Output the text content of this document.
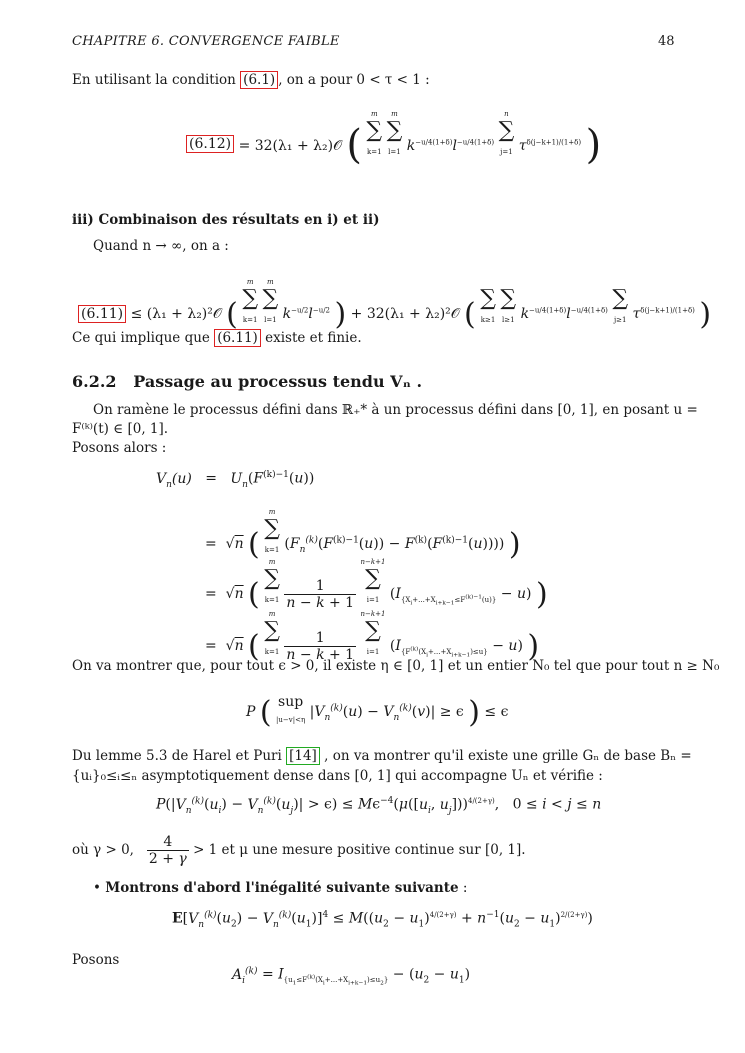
CHAPITRE 6. CONVERGENCE FAIBLE	48
En utilisant la condition (6.1) , on a pour 0 < τ < 1 :
(6.12) = 32(λ₁ + λ₂)𝒪 ( m
∑
k=1 m
∑
l=1 $k^{-u/4(1+\delta)}l^{-u/4(1+\delta)}$ n
∑
j=1 $\tau^{\delta(j-k+1)/(1+\delta)}$ )
iii) Combinaison des résultats en i) et ii)
Quand n → ∞, on a :
(6.11) ≤ (λ₁ + λ₂)²𝒪 ( m
∑
k=1 m
∑
l=1 $k^{-u/2}l^{-u/2}$ ) + 32(λ₁ + λ₂)²𝒪 ( ∑
k≥1 ∑
l≥1 $k^{-u/4(1+\delta)}l^{-u/4(1+\delta)}$ ∑
j≥1 $\tau^{\delta(j-k+1)/(1+\delta)}$ )
Ce qui implique que (6.11) existe et finie.
6.2.2 Passage au processus tendu Vₙ .
On ramène le processus défini dans ℝ₊* à un processus défini dans [0, 1], en posant u =
F⁽ᵏ⁾(t) ∈ [0, 1].
Posons alors :
$V_n(u) = U_n(F^{(k)-1}(u))$
=  √n ( m
∑
k=1 $(F_n^{(k)}(F^{(k)-1}(u)) - F^{(k)}(F^{(k)-1}(u)))$) )
=  √n ( m
∑
$k=1 \frac{1}{n - k + 1}$
n−k+1
∑
i=1 $(I_{\{X_i+...+X_{i+k-1}\le F^{(k)-1}(u)\}} - u)$ )
=  √n ( m
∑
$k=1 \frac{1}{n - k + 1}$
n−k+1
∑
i=1 $(I_{\{F^{(k)}(X_i+...+X_{i+k-1})\le u\}} - u)$ )
On va montrer que, pour tout ϵ > 0, il existe η ∈ [0, 1] et un entier N₀ tel que pour tout n ≥ N₀
P ( sup
|u−v|<η $|V_n^{(k)}(u) - V_n^{(k)}(v)| \ge \epsilon$ ) ≤ ϵ
Du lemme 5.3 de Harel et Puri [14] , on va montrer qu'il existe une grille Gₙ de base Bₙ =
{uᵢ}₀≤ᵢ≤ₙ asymptotiquement dense dans [0, 1] qui accompagne Uₙ et vérifie :
$P(|V_n^{(k)}(u_i) - V_n^{(k)}(u_j)| > \epsilon) \le M\epsilon^{-4}(\mu([u_i$, $u_j]))^{4/(2+\gamma)}$,   0 ≤ i < j ≤ n
où γ > 0, $\frac{4}{2 + \gamma} > 1$ et μ une mesure positive continue sur [0, 1].
• Montrons d'abord l'inégalité suivante suivante :
$E[V_n^{(k)}(u_2) - V_n^{(k)}(u_1)]^4 \le M((u_2 - u_1)^{4/(2+\gamma)} + n^{-1}(u_2 - u_1)^{2/(2+\gamma)})$
Posons
$A_i^{(k)} = I_{\{u_1\le F^{(k)}(X_i+...+X_{i+k-1})\le u_2\}} - (u_2 - u_1)$
